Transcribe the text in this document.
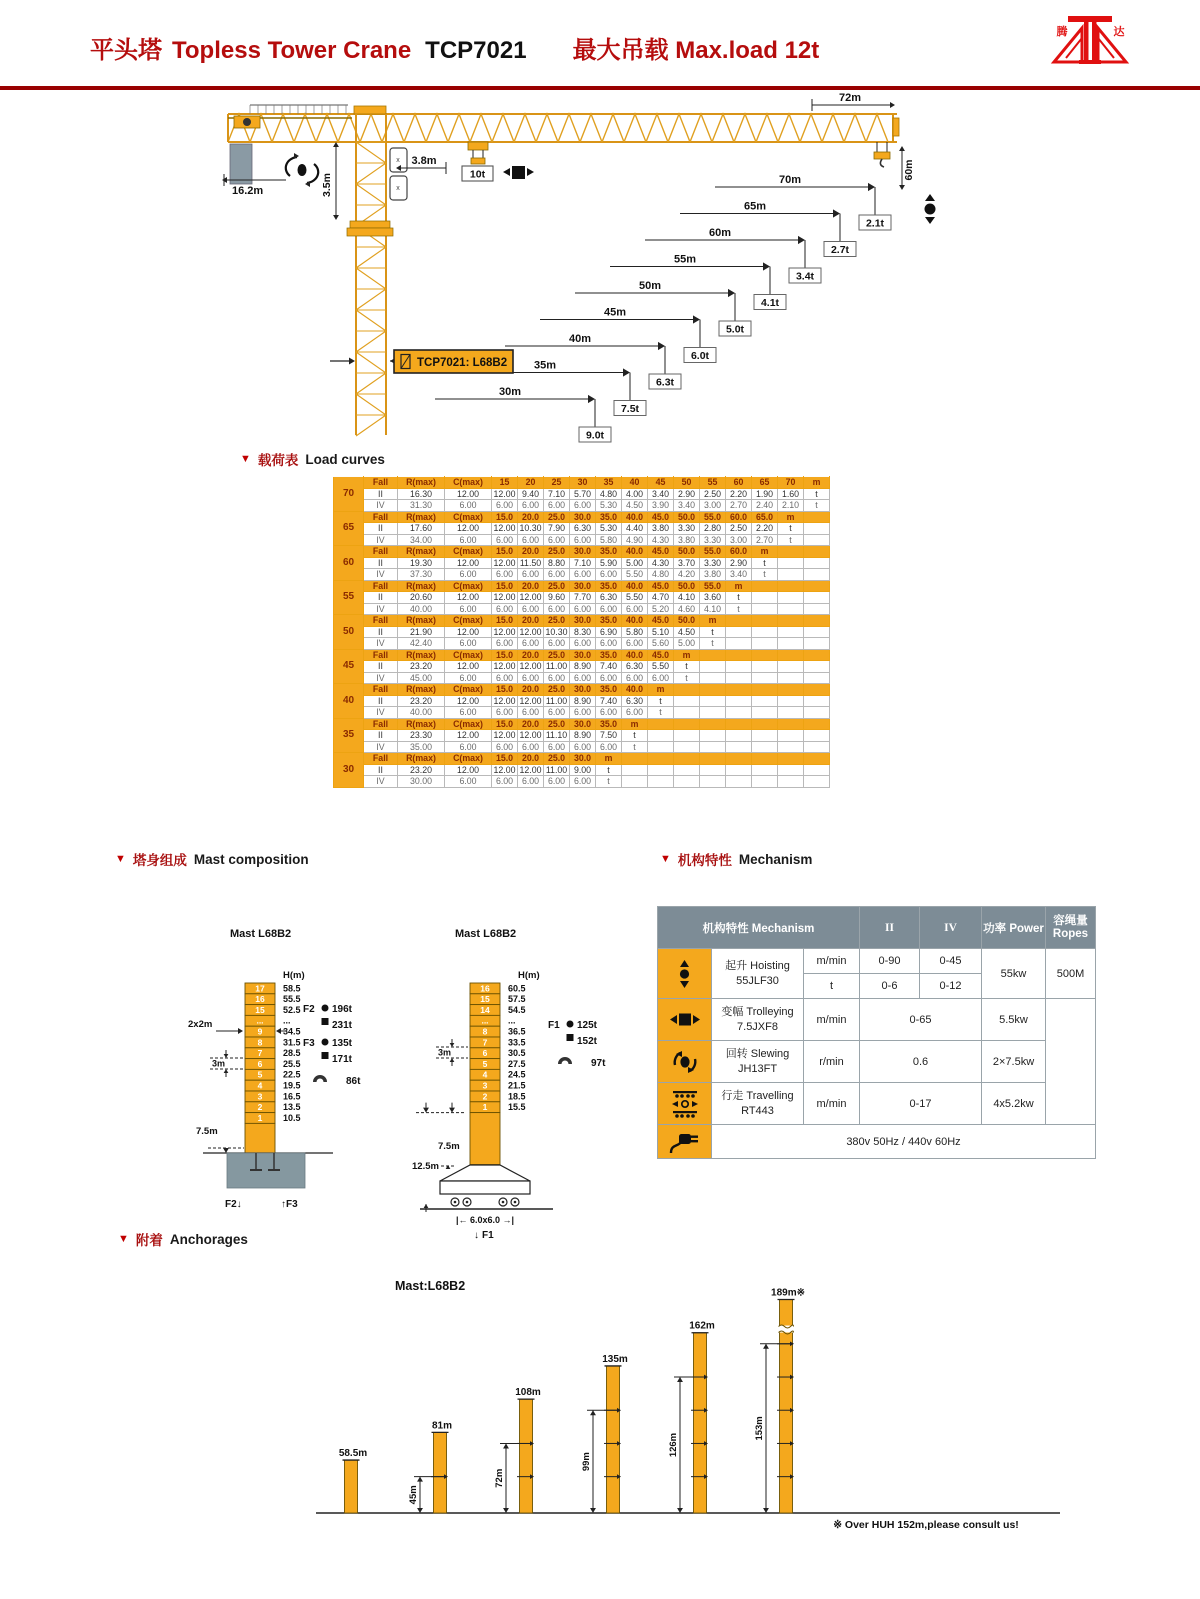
平头塔 Topless Tower Crane TCP7021 最大吊载 Max.load 12t
腾	达
x
x
10t
72m
16.2m	3.5m
3.8m	60m
70m
2.1t
65m
2.7t
60m
3.4t
55m
4.1t
50m
5.0t
45m
6.0t
40m
6.3t
35m
7.5t
30m
9.0t
TCP7021: L68B2
▼ 载荷表 Load curves
70	Fall	R(max)	C(max)	15	20	25	30	35	40	45	50	55	60	65	70	m
	II	16.30	12.00	12.00	9.40	7.10	5.70	4.80	4.00	3.40	2.90	2.50	2.20	1.90	1.60	t
	IV	31.30	6.00	6.00	6.00	6.00	6.00	5.30	4.50	3.90	3.40	3.00	2.70	2.40	2.10	t
65	Fall	R(max)	C(max)	15.0	20.0	25.0	30.0	35.0	40.0	45.0	50.0	55.0	60.0	65.0	m	
	II	17.60	12.00	12.00	10.30	7.90	6.30	5.30	4.40	3.80	3.30	2.80	2.50	2.20	t	
	IV	34.00	6.00	6.00	6.00	6.00	6.00	5.80	4.90	4.30	3.80	3.30	3.00	2.70	t	
60	Fall	R(max)	C(max)	15.0	20.0	25.0	30.0	35.0	40.0	45.0	50.0	55.0	60.0	m		
	II	19.30	12.00	12.00	11.50	8.80	7.10	5.90	5.00	4.30	3.70	3.30	2.90	t		
	IV	37.30	6.00	6.00	6.00	6.00	6.00	6.00	5.50	4.80	4.20	3.80	3.40	t		
55	Fall	R(max)	C(max)	15.0	20.0	25.0	30.0	35.0	40.0	45.0	50.0	55.0	m			
	II	20.60	12.00	12.00	12.00	9.60	7.70	6.30	5.50	4.70	4.10	3.60	t			
	IV	40.00	6.00	6.00	6.00	6.00	6.00	6.00	6.00	5.20	4.60	4.10	t			
50	Fall	R(max)	C(max)	15.0	20.0	25.0	30.0	35.0	40.0	45.0	50.0	m				
	II	21.90	12.00	12.00	12.00	10.30	8.30	6.90	5.80	5.10	4.50	t				
	IV	42.40	6.00	6.00	6.00	6.00	6.00	6.00	6.00	5.60	5.00	t				
45	Fall	R(max)	C(max)	15.0	20.0	25.0	30.0	35.0	40.0	45.0	m					
	II	23.20	12.00	12.00	12.00	11.00	8.90	7.40	6.30	5.50	t					
	IV	45.00	6.00	6.00	6.00	6.00	6.00	6.00	6.00	6.00	t					
40	Fall	R(max)	C(max)	15.0	20.0	25.0	30.0	35.0	40.0	m						
	II	23.20	12.00	12.00	12.00	11.00	8.90	7.40	6.30	t						
	IV	40.00	6.00	6.00	6.00	6.00	6.00	6.00	6.00	t						
35	Fall	R(max)	C(max)	15.0	20.0	25.0	30.0	35.0	m							
	II	23.30	12.00	12.00	12.00	11.10	8.90	7.50	t							
	IV	35.00	6.00	6.00	6.00	6.00	6.00	6.00	t							
30	Fall	R(max)	C(max)	15.0	20.0	25.0	30.0	m								
	II	23.20	12.00	12.00	12.00	11.00	9.00	t								
	IV	30.00	6.00	6.00	6.00	6.00	6.00	t								
▼ 塔身组成 Mast composition
Mast L68B2
H(m)
17 58.5
16 55.5
15 52.5
... ...
9 34.5
8 31.5
7 28.5
6 25.5
5 22.5
4 19.5
3 16.5
2 13.5
1 10.5
7.5m
2x2m
3m
F2 196t
231t
F3 135t
171t
86t
F2↓	↑F3
Mast L68B2
H(m)
16 60.5
15 57.5
14 54.5
... ...
8 36.5
7 33.5
6 30.5
5 27.5
4 24.5
3 21.5
2 18.5
1 15.5
7.5m
3m
12.5m
|← 6.0x6.0 →|
↓ F1
F1 125t
152t
97t
▼ 机构特性 Mechanism
机构特性 Mechanism			II	IV	功率 Power	容绳量
Ropes

	起升 Hoisting
55JLF30	m/min	0-90	0-45	55kw	500M
		t	0-6	0-12		

	变幅 Trolleying
7.5JXF8	m/min	0-65		5.5kw	

	回转 Slewing
JH13FT	r/min	0.6		2×7.5kw	

	行走 Travelling
RT443	m/min	0-17		4x5.2kw	

	380v 50Hz / 440v 60Hz					
▼ 附着 Anchorages
Mast:L68B2
58.5m
81m
45m
108m
72m
135m
99m
162m
126m
189m※
153m
※ Over HUH 152m,please consult us!
